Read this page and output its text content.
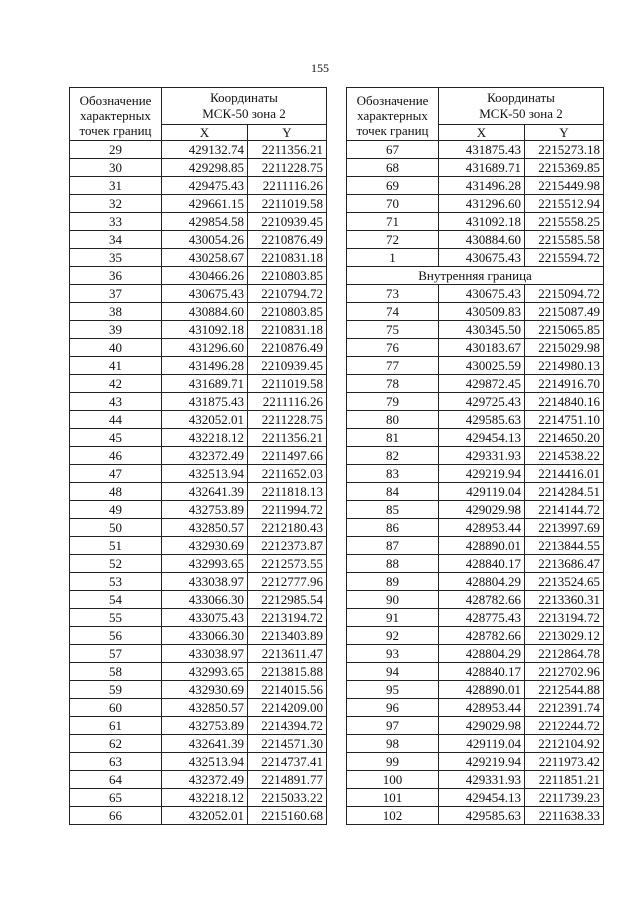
155
Обозначение
характерных
точек границ	Координаты
МСК-50 зона 2	

	X	Y
29	429132.74	2211356.21
30	429298.85	2211228.75
31	429475.43	2211116.26
32	429661.15	2211019.58
33	429854.58	2210939.45
34	430054.26	2210876.49
35	430258.67	2210831.18
36	430466.26	2210803.85
37	430675.43	2210794.72
38	430884.60	2210803.85
39	431092.18	2210831.18
40	431296.60	2210876.49
41	431496.28	2210939.45
42	431689.71	2211019.58
43	431875.43	2211116.26
44	432052.01	2211228.75
45	432218.12	2211356.21
46	432372.49	2211497.66
47	432513.94	2211652.03
48	432641.39	2211818.13
49	432753.89	2211994.72
50	432850.57	2212180.43
51	432930.69	2212373.87
52	432993.65	2212573.55
53	433038.97	2212777.96
54	433066.30	2212985.54
55	433075.43	2213194.72
56	433066.30	2213403.89
57	433038.97	2213611.47
58	432993.65	2213815.88
59	432930.69	2214015.56
60	432850.57	2214209.00
61	432753.89	2214394.72
62	432641.39	2214571.30
63	432513.94	2214737.41
64	432372.49	2214891.77
65	432218.12	2215033.22
66	432052.01	2215160.68
Обозначение
характерных
точек границ	Координаты
МСК-50 зона 2	

	X	Y
67	431875.43	2215273.18
68	431689.71	2215369.85
69	431496.28	2215449.98
70	431296.60	2215512.94
71	431092.18	2215558.25
72	430884.60	2215585.58
1	430675.43	2215594.72
Внутренняя граница		
73	430675.43	2215094.72
74	430509.83	2215087.49
75	430345.50	2215065.85
76	430183.67	2215029.98
77	430025.59	2214980.13
78	429872.45	2214916.70
79	429725.43	2214840.16
80	429585.63	2214751.10
81	429454.13	2214650.20
82	429331.93	2214538.22
83	429219.94	2214416.01
84	429119.04	2214284.51
85	429029.98	2214144.72
86	428953.44	2213997.69
87	428890.01	2213844.55
88	428840.17	2213686.47
89	428804.29	2213524.65
90	428782.66	2213360.31
91	428775.43	2213194.72
92	428782.66	2213029.12
93	428804.29	2212864.78
94	428840.17	2212702.96
95	428890.01	2212544.88
96	428953.44	2212391.74
97	429029.98	2212244.72
98	429119.04	2212104.92
99	429219.94	2211973.42
100	429331.93	2211851.21
101	429454.13	2211739.23
102	429585.63	2211638.33
